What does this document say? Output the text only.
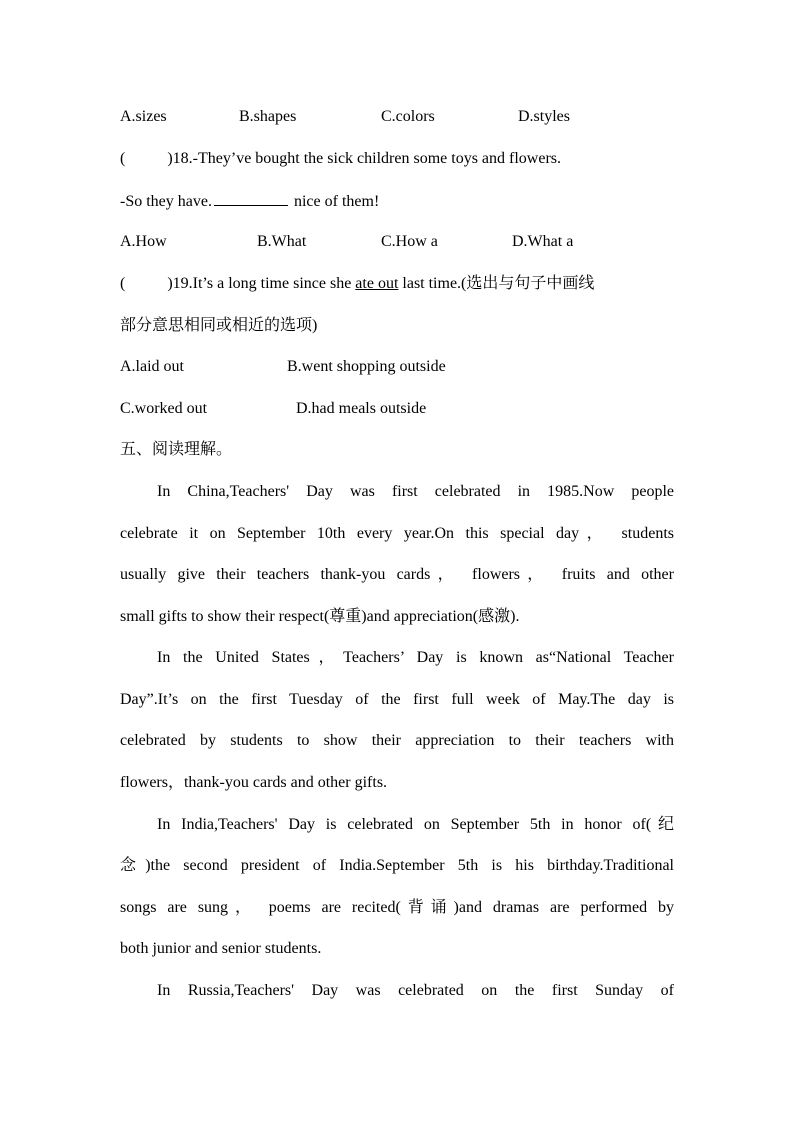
A.sizes	B.shapes	C.colors	D.styles
(	)18.-They’ve bought the sick children some toys and flowers.
-So they have.	nice of them!
A.How	B.What	C.How a	D.What a
(	)19.It’s a long time since she ate out last time.(选出与句子中画线
部分意思相同或相近的选项)
A.laid out	B.went shopping outside
C.worked out	D.had meals outside
五、阅读理解。
In China,Teachers' Day was first celebrated in 1985.Now people
celebrate it on September 10th every year.On this special day， students
usually give their teachers thank-you cards， flowers， fruits and other
small gifts to show their respect(尊重)and appreciation(感激).
In the United States，Teachers’ Day is known as“National Teacher
Day”.It’s on the first Tuesday of the first full week of May.The day is
celebrated by students to show their appreciation to their teachers with
flowers，thank-you cards and other gifts.
In India,Teachers' Day is celebrated on September 5th in honor of(纪
念)the second president of India.September 5th is his birthday.Traditional
songs are sung， poems are recited(背诵)and dramas are performed by
both junior and senior students.
In Russia,Teachers' Day was celebrated on the first Sunday of
